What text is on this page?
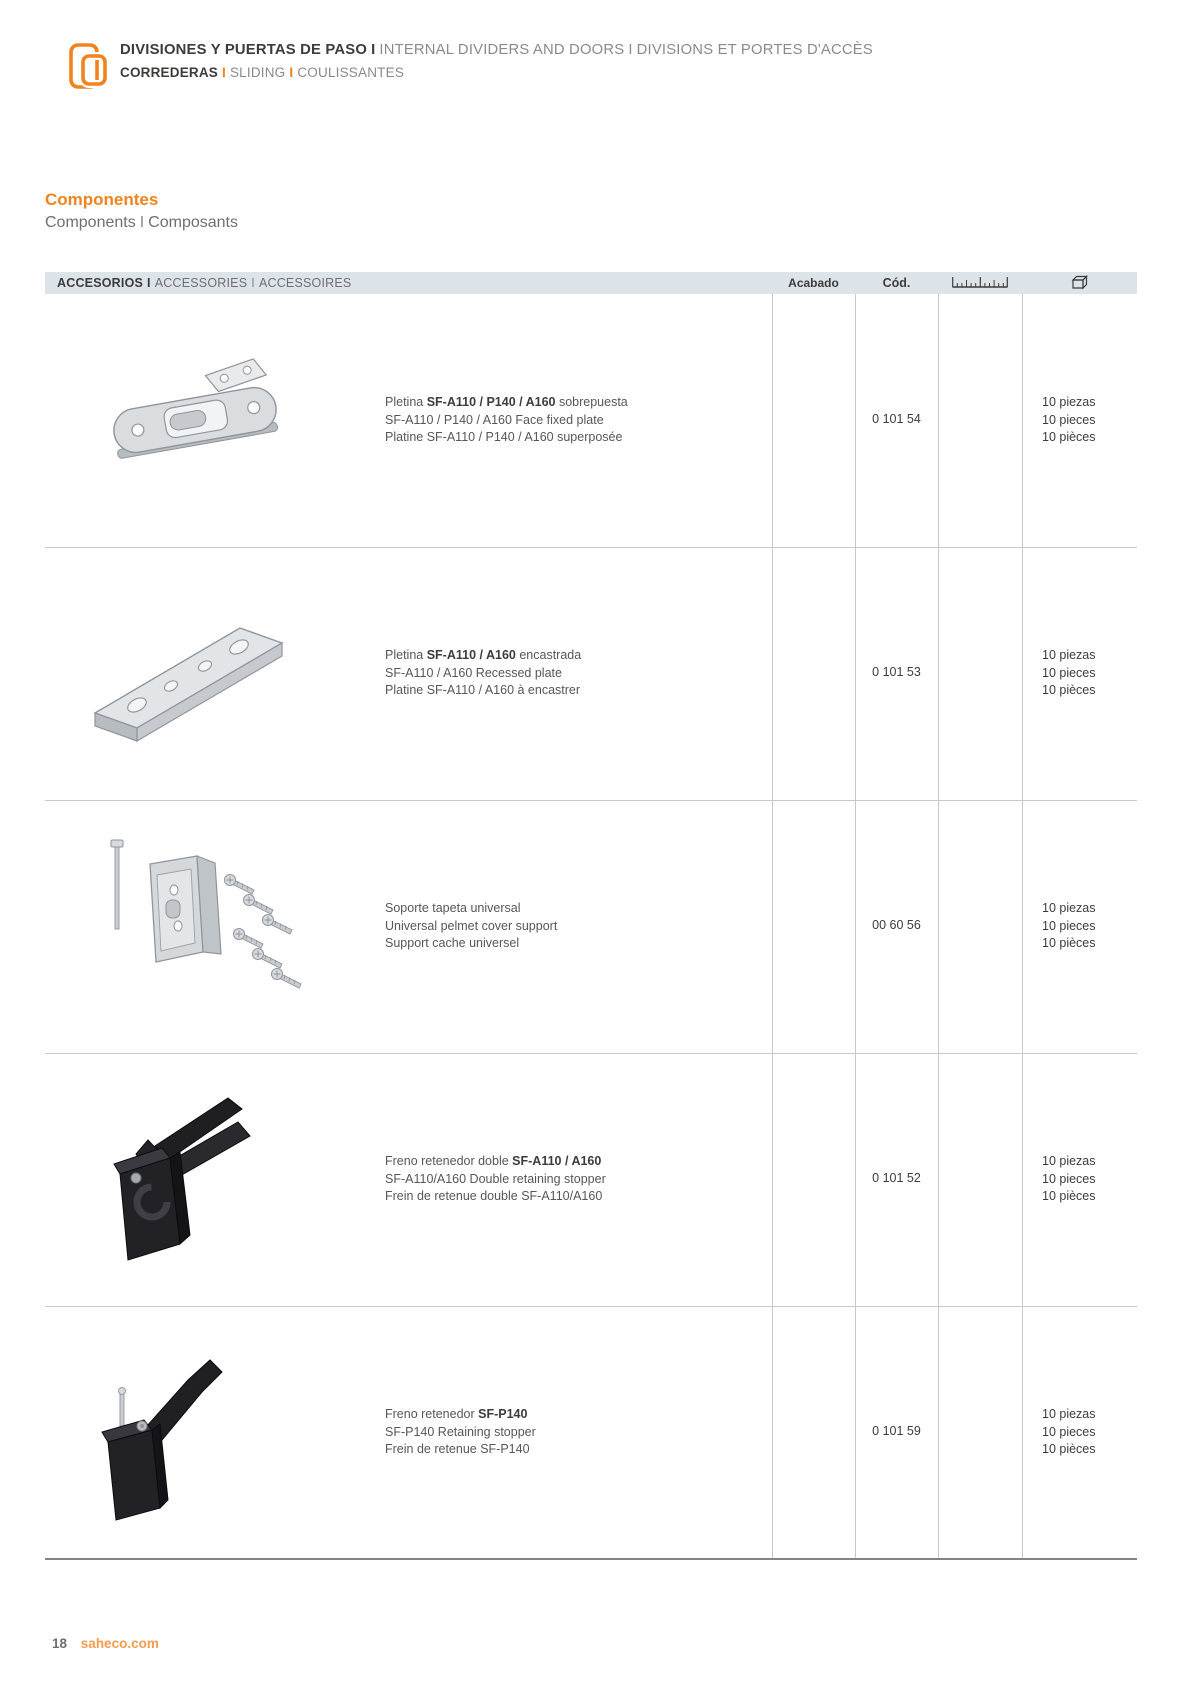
DIVISIONES Y PUERTAS DE PASO I INTERNAL DIVIDERS AND DOORS I DIVISIONS ET PORTES D'ACCÈS
CORREDERAS I SLIDING I COULISSANTES
Componentes
Components I Composants
ACCESORIOS I ACCESSORIES I ACCESSOIRES	Acabado	Cód.
Pletina SF-A110 / P140 / A160 sobrepuesta
SF-A110 / P140 / A160 Face fixed plate
Platine SF-A110 / P140 / A160 superposée
0 101 54
10 piezas
10 pieces
10 pièces
Pletina SF-A110 / A160 encastrada
SF-A110 / A160 Recessed plate
Platine SF-A110 / A160 à encastrer
0 101 53
10 piezas
10 pieces
10 pièces
Soporte tapeta universal
Universal pelmet cover support
Support cache universel
00 60 56
10 piezas
10 pieces
10 pièces
Freno retenedor doble SF-A110 / A160
SF-A110/A160 Double retaining stopper
Frein de retenue double SF-A110/A160
0 101 52
10 piezas
10 pieces
10 pièces
Freno retenedor SF-P140
SF-P140 Retaining stopper
Frein de retenue SF-P140
0 101 59
10 piezas
10 pieces
10 pièces
18 saheco.com
